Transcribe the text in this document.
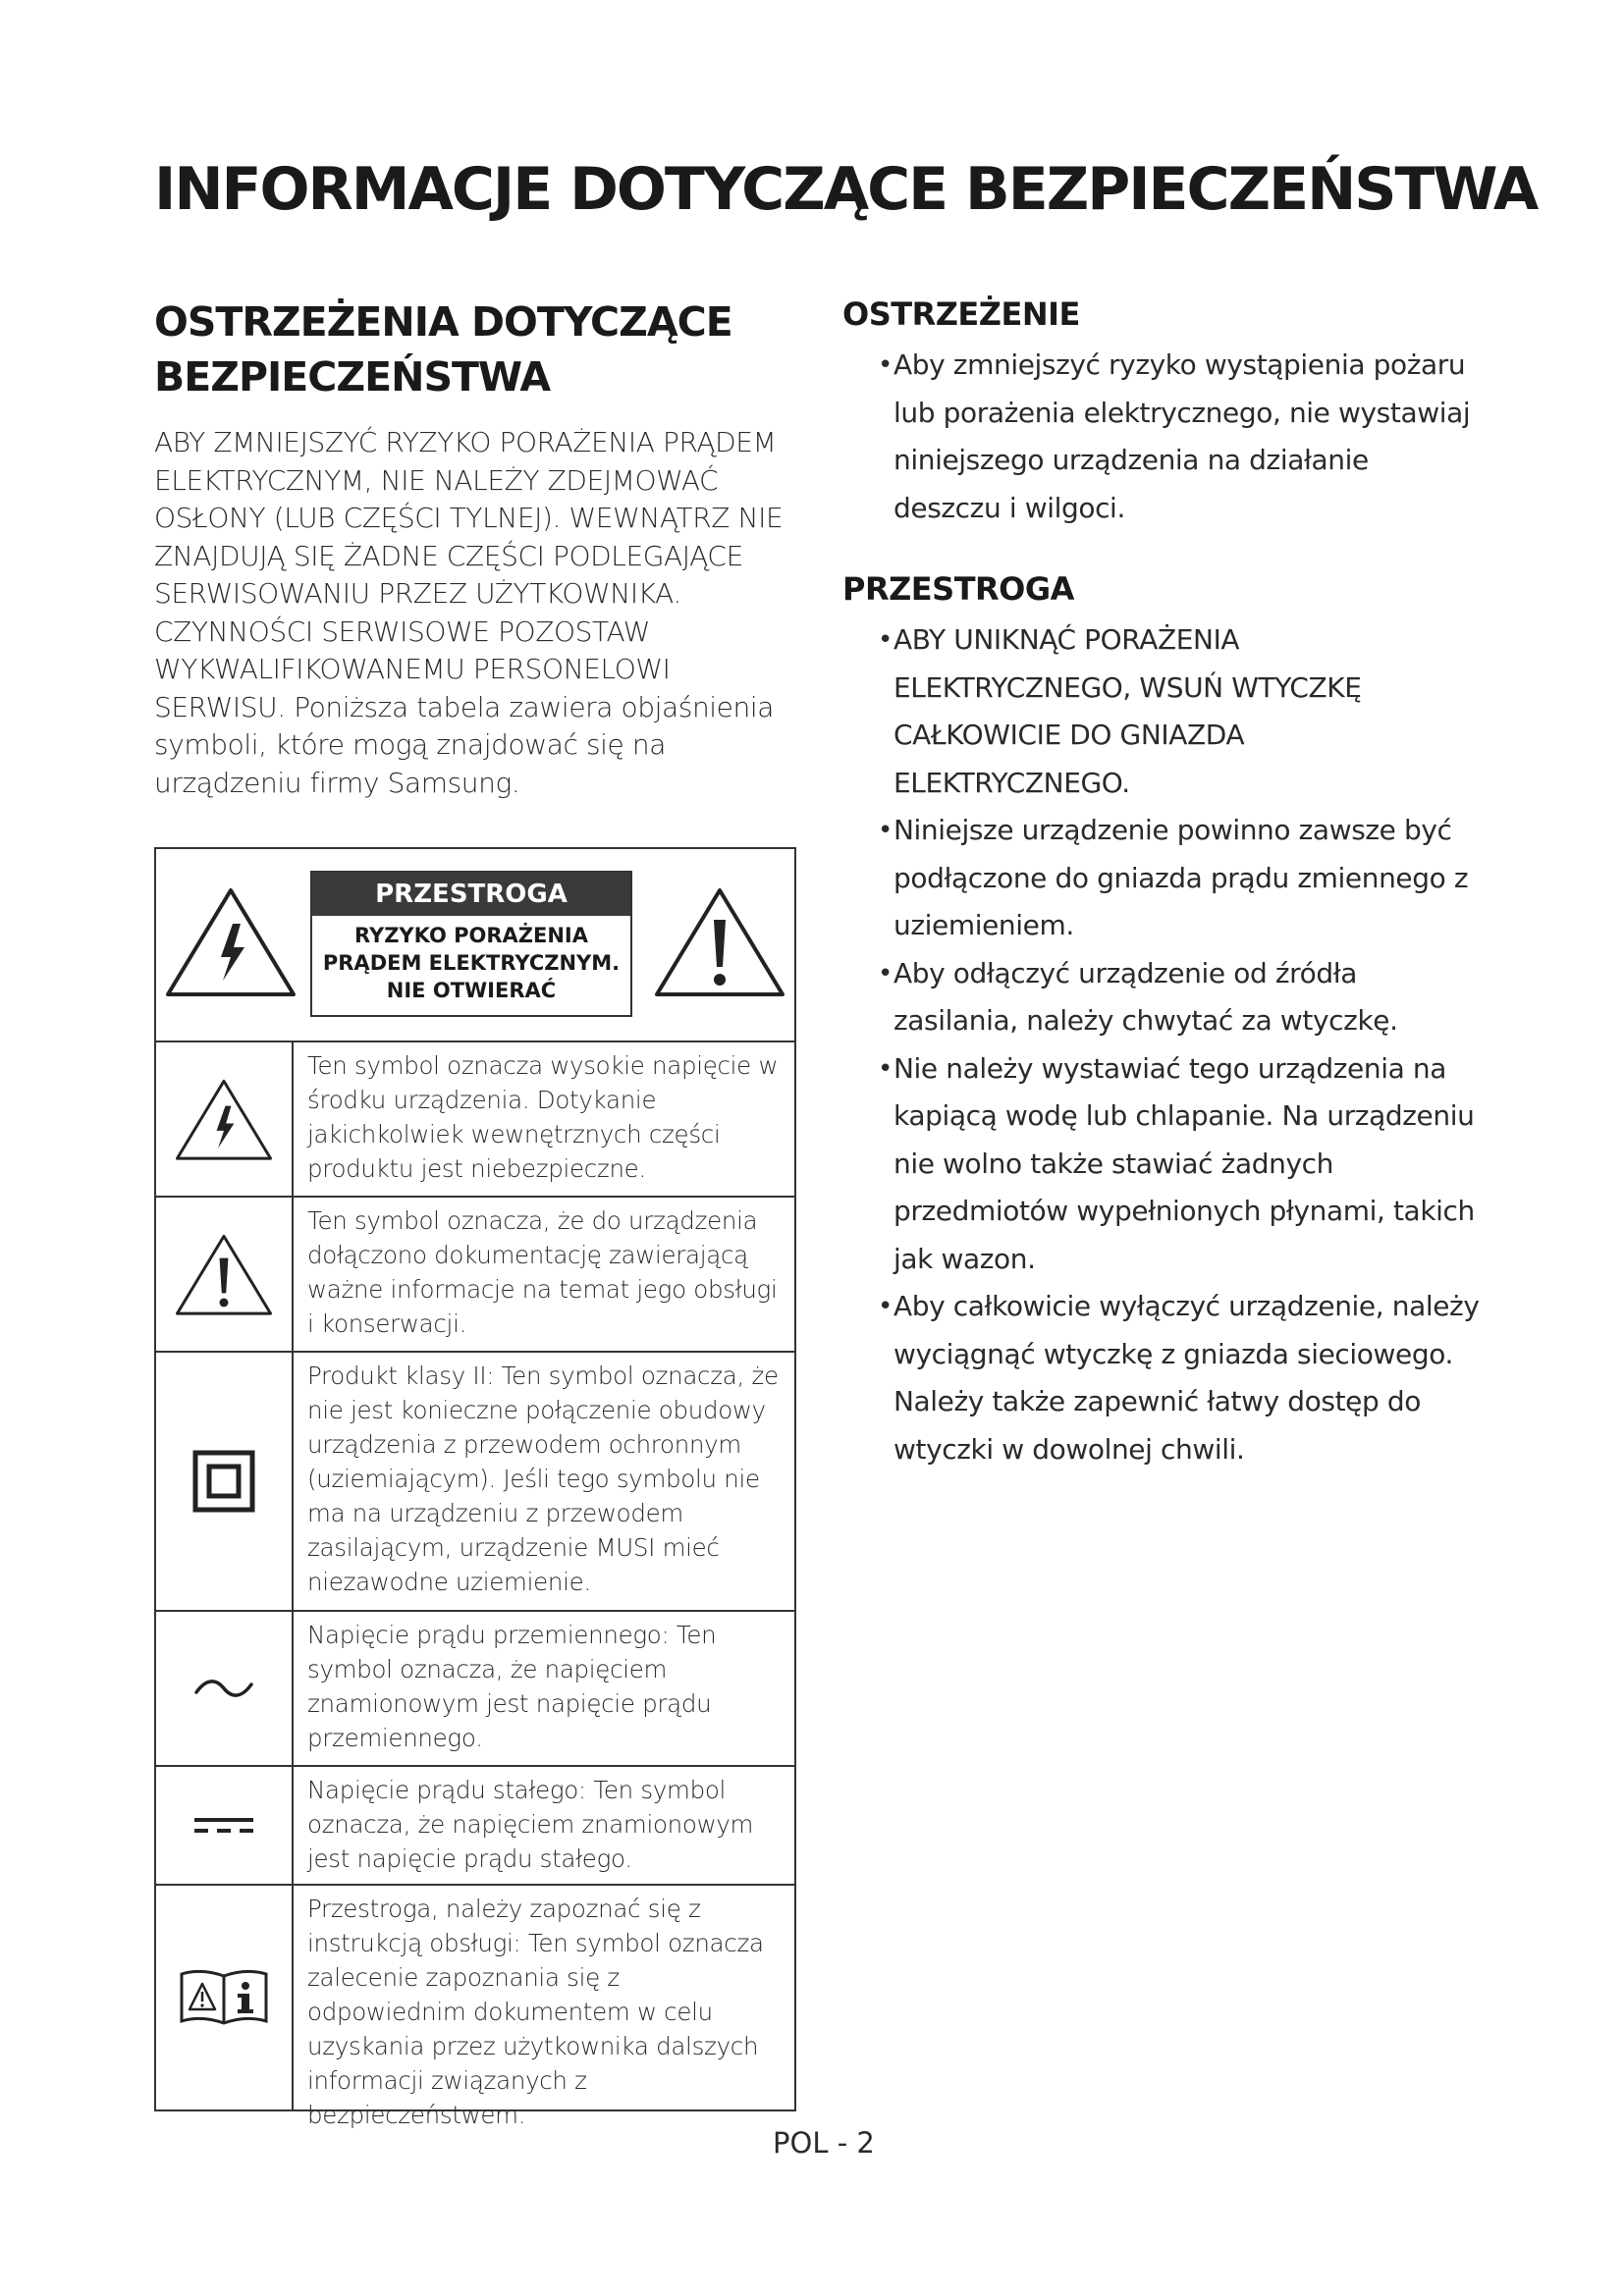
INFORMACJE DOTYCZĄCE BEZPIECZEŃSTWA
OSTRZEŻENIA DOTYCZĄCE
BEZPIECZEŃSTWA

ABY ZMNIEJSZYĆ RYZYKO PORAŻENIA PRĄDEM ELEKTRYCZNYM, NIE NALEŻY ZDEJMOWAĆ OSŁONY (LUB CZĘŚCI TYLNEJ). WEWNĄTRZ NIE ZNAJDUJĄ SIĘ ŻADNE CZĘŚCI PODLEGAJĄCE SERWISOWANIU PRZEZ UŻYTKOWNIKA. CZYNNOŚCI SERWISOWE POZOSTAW WYKWALIFIKOWANEMU PERSONELOWI SERWISU. Poniższa tabela zawiera objaśnienia symboli, które mogą znajdować się na urządzeniu firmy Samsung.

PRZESTROGA
RYZYKO PORAŻENIA
PRĄDEM ELEKTRYCZNYM.
NIE OTWIERAĆ
Ten symbol oznacza wysokie napięcie w środku urządzenia. Dotykanie jakichkolwiek wewnętrznych części produktu jest niebezpieczne.
Ten symbol oznacza, że do urządzenia dołączono dokumentację zawierającą ważne informacje na temat jego obsługi i konserwacji.
Produkt klasy II: Ten symbol oznacza, że nie jest konieczne połączenie obudowy urządzenia z przewodem ochronnym (uziemiającym). Jeśli tego symbolu nie ma na urządzeniu z przewodem zasilającym, urządzenie MUSI mieć niezawodne uziemienie.
Napięcie prądu przemiennego: Ten symbol oznacza, że napięciem znamionowym jest napięcie prądu przemiennego.
Napięcie prądu stałego: Ten symbol oznacza, że napięciem znamionowym jest napięcie prądu stałego.
Przestroga, należy zapoznać się z instrukcją obsługi: Ten symbol oznacza zalecenie zapoznania się z odpowiednim dokumentem w celu uzyskania przez użytkownika dalszych informacji związanych z bezpieczeństwem.
OSTRZEŻENIE
• Aby zmniejszyć ryzyko wystąpienia pożaru lub porażenia elektrycznego, nie wystawiaj niniejszego urządzenia na działanie deszczu i wilgoci.
PRZESTROGA
• ABY UNIKNĄĆ PORAŻENIA ELEKTRYCZNEGO, WSUŃ WTYCZKĘ CAŁKOWICIE DO GNIAZDA ELEKTRYCZNEGO.
• Niniejsze urządzenie powinno zawsze być podłączone do gniazda prądu zmiennego z uziemieniem.
• Aby odłączyć urządzenie od źródła zasilania, należy chwytać za wtyczkę.
• Nie należy wystawiać tego urządzenia na kapiącą wodę lub chlapanie. Na urządzeniu nie wolno także stawiać żadnych przedmiotów wypełnionych płynami, takich jak wazon.
• Aby całkowicie wyłączyć urządzenie, należy wyciągnąć wtyczkę z gniazda sieciowego. Należy także zapewnić łatwy dostęp do wtyczki w dowolnej chwili.
POL - 2
